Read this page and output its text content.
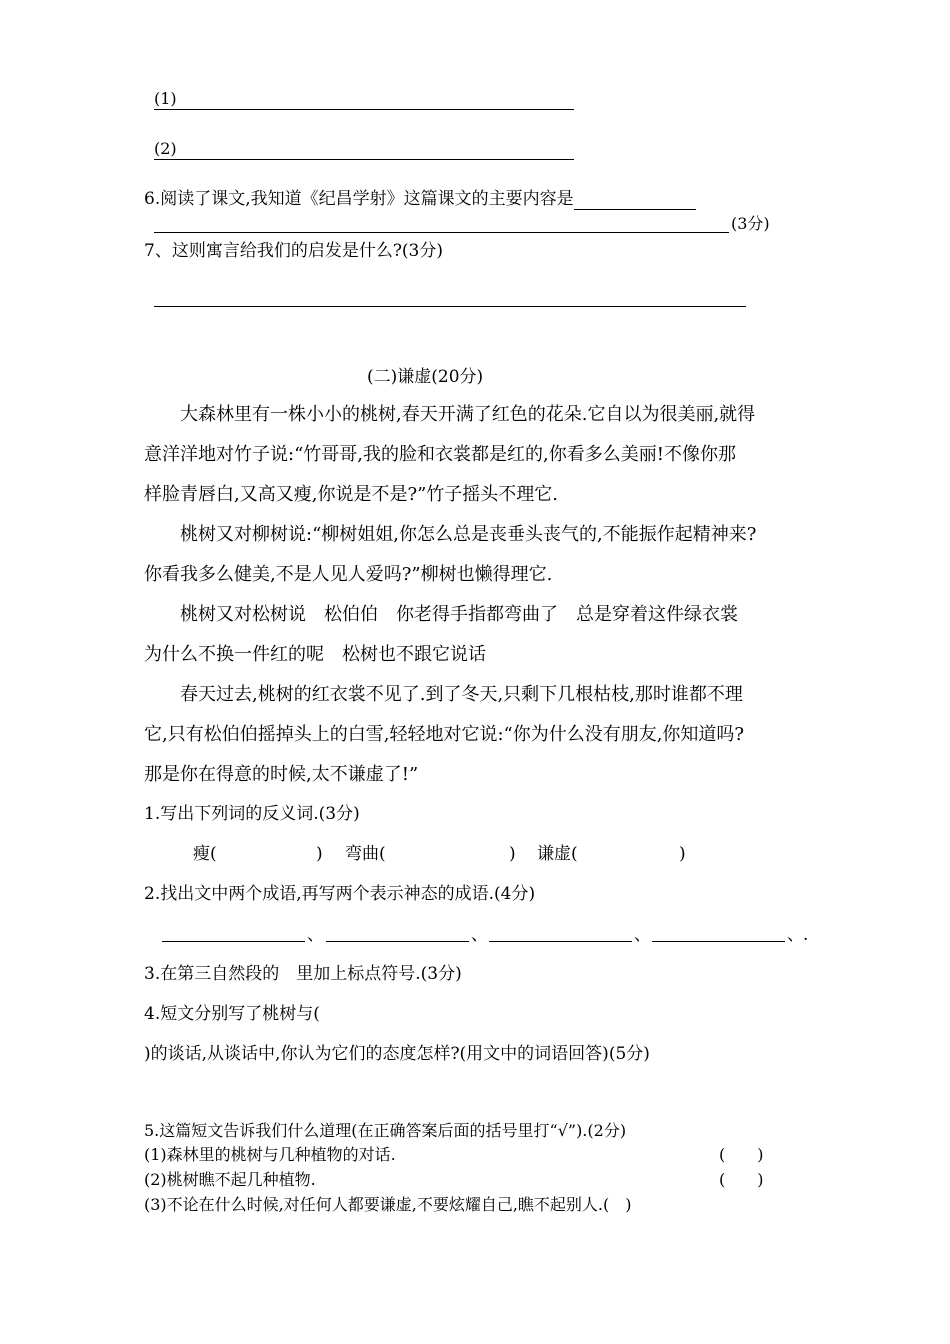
(1)
(2)
6.阅读了课文,我知道《纪昌学射》这篇课文的主要内容是
(3分)
7、这则寓言给我们的启发是什么?(3分)
(二)谦虚(20分)
大森林里有一株小小的桃树,春天开满了红色的花朵.它自以为很美丽,就得
意洋洋地对竹子说:“竹哥哥,我的脸和衣裳都是红的,你看多么美丽!不像你那
样脸青唇白,又高又瘦,你说是不是?”竹子摇头不理它.
桃树又对柳树说:“柳树姐姐,你怎么总是丧垂头丧气的,不能振作起精神来?
你看我多么健美,不是人见人爱吗?”柳树也懒得理它.
桃树又对松树说　松伯伯　你老得手指都弯曲了　总是穿着这件绿衣裳
为什么不换一件红的呢　松树也不跟它说话
春天过去,桃树的红衣裳不见了.到了冬天,只剩下几根枯枝,那时谁都不理
它,只有松伯伯摇掉头上的白雪,轻轻地对它说:“你为什么没有朋友,你知道吗?
那是你在得意的时候,太不谦虚了!”
1.写出下列词的反义词.(3分)
瘦(	) 弯曲(	) 谦虚(	)
2.找出文中两个成语,再写两个表示神态的成语.(4分)
、	、	、	、 .
3.在第三自然段的　里加上标点符号.(3分)
4.短文分别写了桃树与(
)的谈话,从谈话中,你认为它们的态度怎样?(用文中的词语回答)(5分)
5.这篇短文告诉我们什么道理(在正确答案后面的括号里打“√”).(2分)
(1)森林里的桃树与几种植物的对话.	(　　)
(2)桃树瞧不起几种植物.	(　　)
(3)不论在什么时候,对任何人都要谦虚,不要炫耀自己,瞧不起别人.(　)
